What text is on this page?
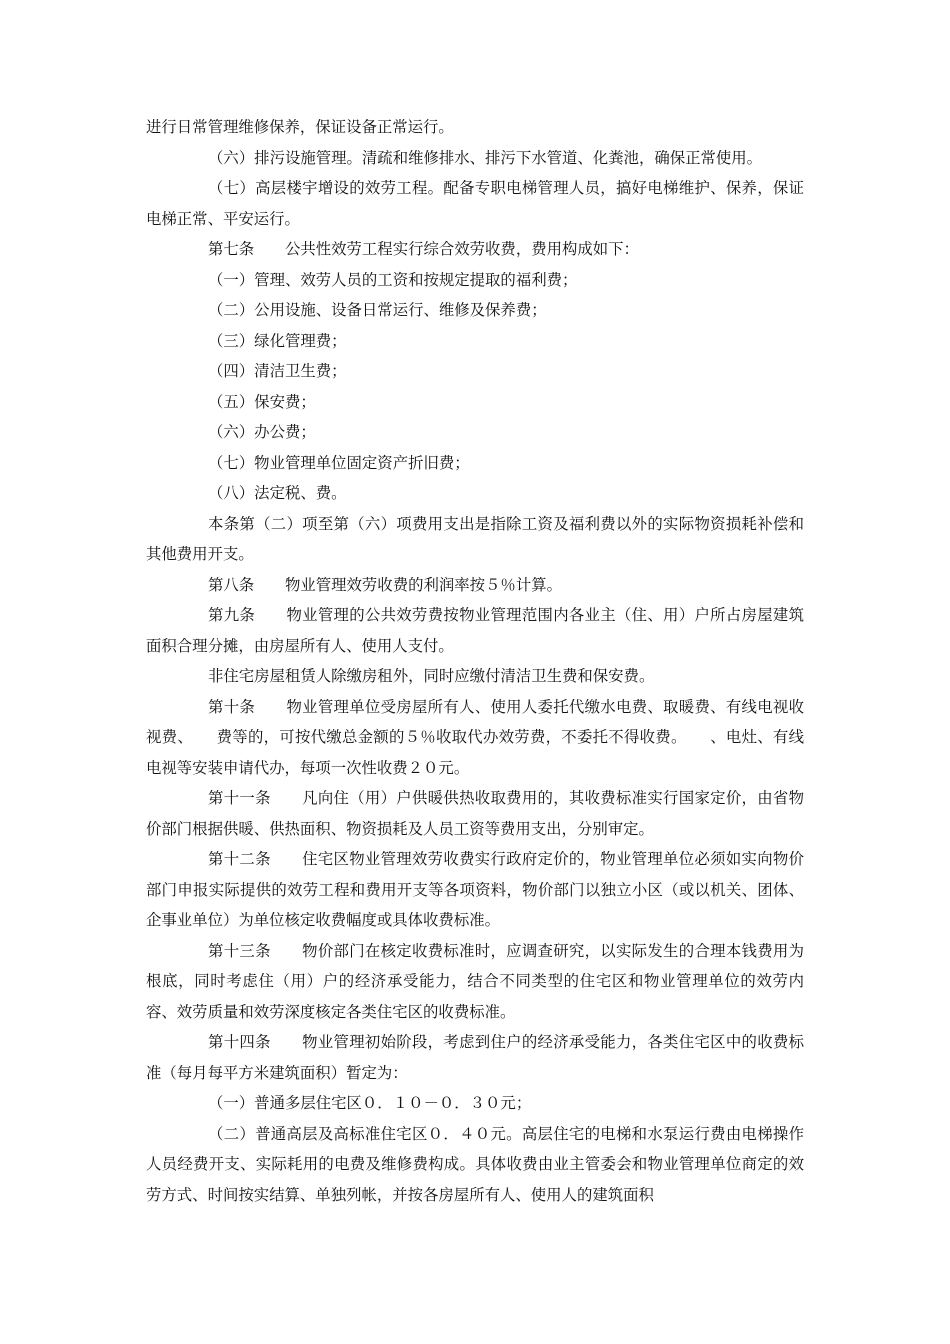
进行日常管理维修保养，保证设备正常运行。

（六）排污设施管理。清疏和维修排水、排污下水管道、化粪池，确保正常使用。

（七）高层楼宇增设的效劳工程。配备专职电梯管理人员，搞好电梯维护、保养，保证电梯正常、平安运行。

第七条　　公共性效劳工程实行综合效劳收费，费用构成如下：

（一）管理、效劳人员的工资和按规定提取的福利费；

（二）公用设施、设备日常运行、维修及保养费；

（三）绿化管理费；

（四）清洁卫生费；

（五）保安费；

（六）办公费；

（七）物业管理单位固定资产折旧费；

（八）法定税、费。

本条第（二）项至第（六）项费用支出是指除工资及福利费以外的实际物资损耗补偿和其他费用开支。

第八条　　物业管理效劳收费的利润率按５％计算。

第九条　　物业管理的公共效劳费按物业管理范围内各业主（住、用）户所占房屋建筑面积合理分摊，由房屋所有人、使用人支付。

非住宅房屋租赁人除缴房租外，同时应缴付清洁卫生费和保安费。

第十条　　物业管理单位受房屋所有人、使用人委托代缴水电费、取暖费、有线电视收视费、　　费等的，可按代缴总金额的５％收取代办效劳费，不委托不得收费。　　、电灶、有线电视等安装申请代办，每项一次性收费２０元。

第十一条　　凡向住（用）户供暖供热收取费用的，其收费标准实行国家定价，由省物价部门根据供暖、供热面积、物资损耗及人员工资等费用支出，分别审定。

第十二条　　住宅区物业管理效劳收费实行政府定价的，物业管理单位必须如实向物价部门申报实际提供的效劳工程和费用开支等各项资料，物价部门以独立小区（或以机关、团体、企事业单位）为单位核定收费幅度或具体收费标准。

第十三条　　物价部门在核定收费标准时，应调查研究，以实际发生的合理本钱费用为根底，同时考虑住（用）户的经济承受能力，结合不同类型的住宅区和物业管理单位的效劳内容、效劳质量和效劳深度核定各类住宅区的收费标准。

第十四条　　物业管理初始阶段，考虑到住户的经济承受能力，各类住宅区中的收费标准（每月每平方米建筑面积）暂定为：

（一）普通多层住宅区０．１０－０．３０元；

（二）普通高层及高标准住宅区０．４０元。高层住宅的电梯和水泵运行费由电梯操作人员经费开支、实际耗用的电费及维修费构成。具体收费由业主管委会和物业管理单位商定的效劳方式、时间按实结算、单独列帐，并按各房屋所有人、使用人的建筑面积
